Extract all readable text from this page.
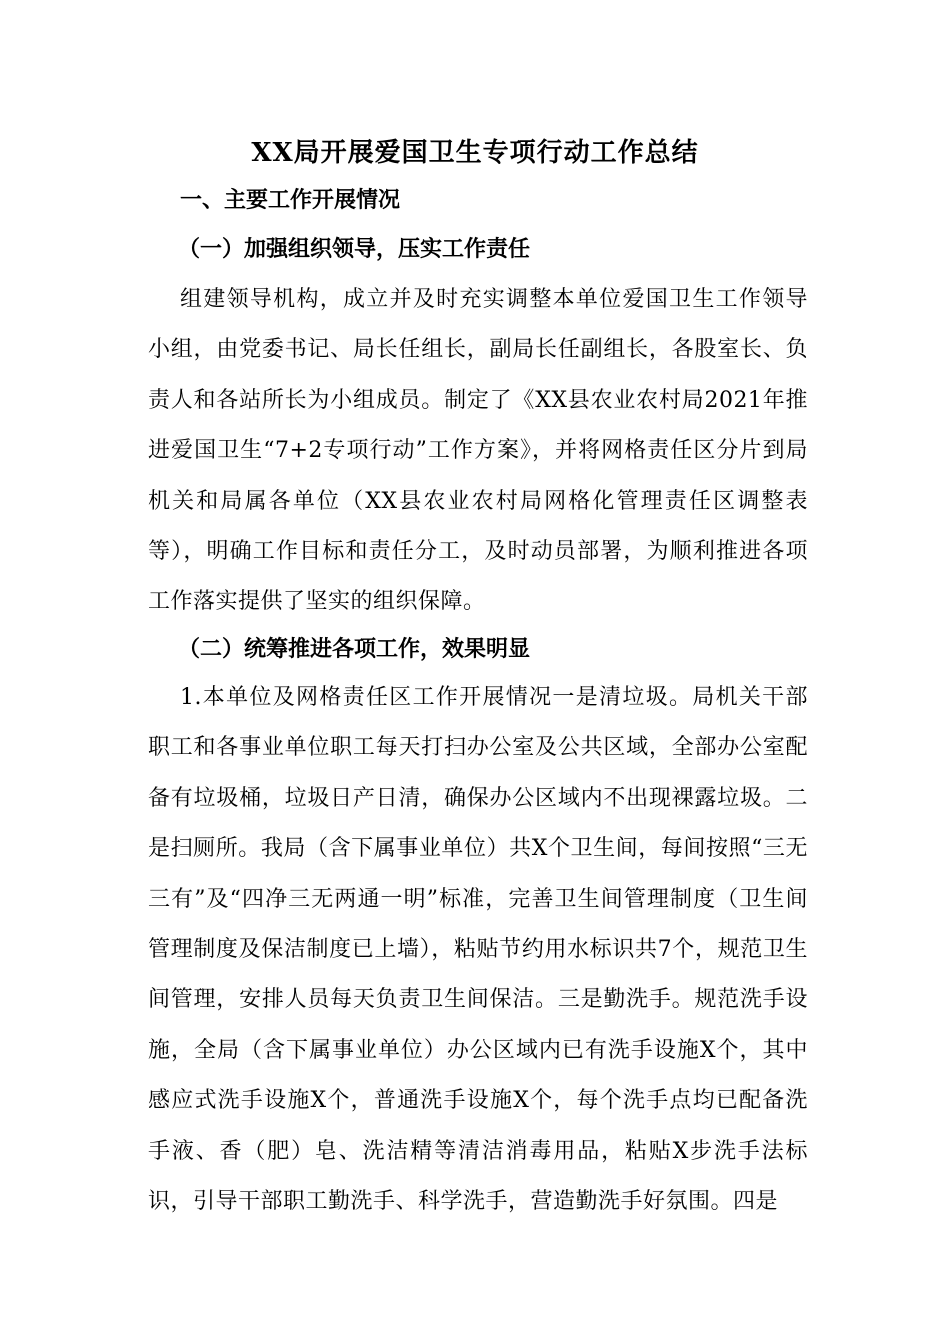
XX局开展爱国卫生专项行动工作总结
一、主要工作开展情况
（一）加强组织领导，压实工作责任
组建领导机构，成立并及时充实调整本单位爱国卫生工作领导小组，由党委书记、局长任组长，副局长任副组长，各股室长、负责人和各站所长为小组成员。制定了《XX县农业农村局2021年推进爱国卫生“7+2专项行动”工作方案》，并将网格责任区分片到局机关和局属各单位（XX县农业农村局网格化管理责任区调整表等），明确工作目标和责任分工，及时动员部署，为顺利推进各项工作落实提供了坚实的组织保障。
（二）统筹推进各项工作，效果明显
1.本单位及网格责任区工作开展情况一是清垃圾。局机关干部职工和各事业单位职工每天打扫办公室及公共区域，全部办公室配备有垃圾桶，垃圾日产日清，确保办公区域内不出现裸露垃圾。二是扫厕所。我局（含下属事业单位）共X个卫生间，每间按照“三无三有”及“四净三无两通一明”标准，完善卫生间管理制度（卫生间管理制度及保洁制度已上墙），粘贴节约用水标识共7个，规范卫生间管理，安排人员每天负责卫生间保洁。三是勤洗手。规范洗手设施，全局（含下属事业单位）办公区域内已有洗手设施X个，其中感应式洗手设施X个，普通洗手设施X个，每个洗手点均已配备洗手液、香（肥）皂、洗洁精等清洁消毒用品，粘贴X步洗手法标识，引导干部职工勤洗手、科学洗手，营造勤洗手好氛围。四是
